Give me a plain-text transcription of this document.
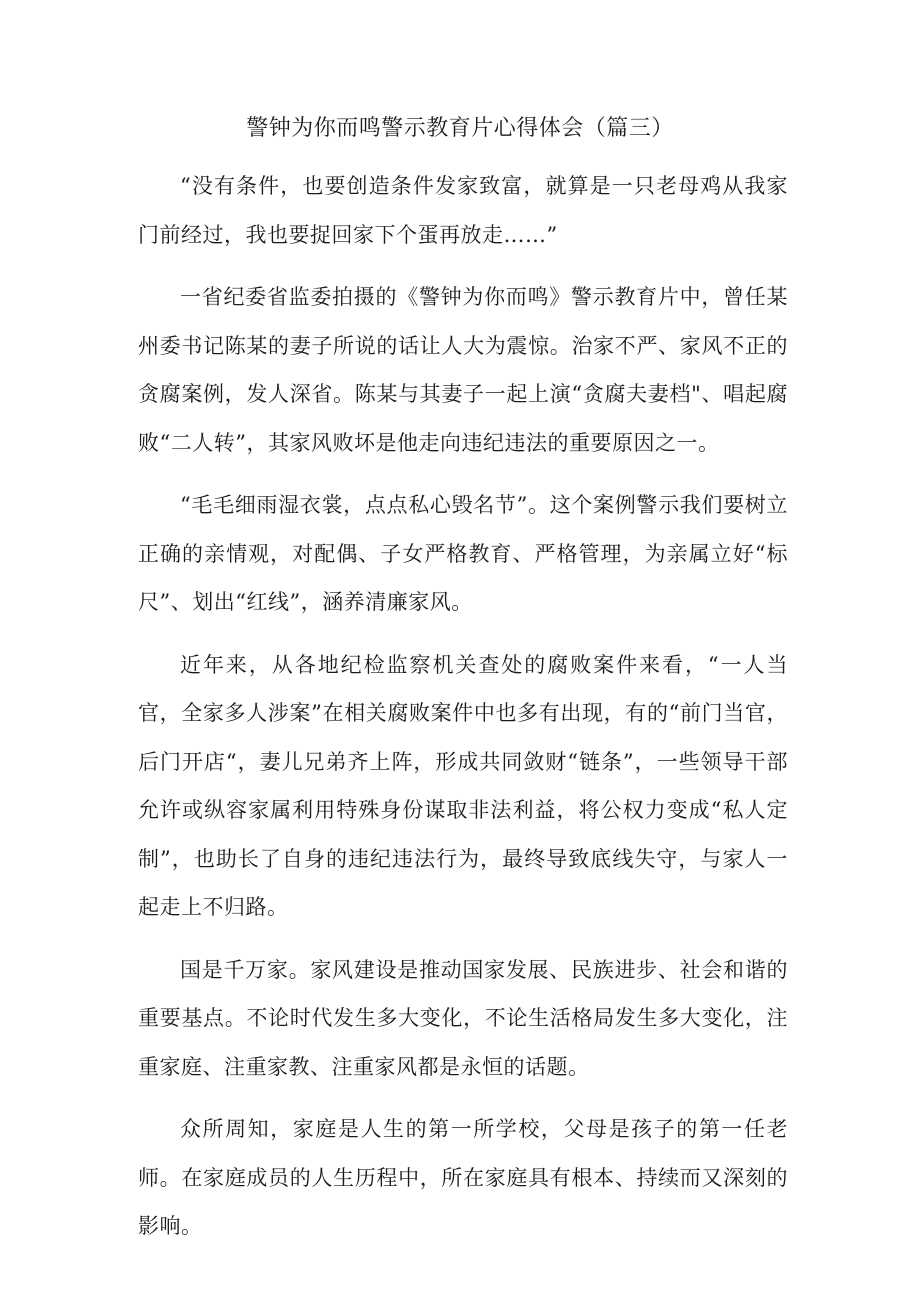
警钟为你而鸣警示教育片心得体会（篇三）

“没有条件，也要创造条件发家致富，就算是一只老母鸡从我家门前经过，我也要捉回家下个蛋再放走……”

一省纪委省监委拍摄的《警钟为你而鸣》警示教育片中，曾任某州委书记陈某的妻子所说的话让人大为震惊。治家不严、家风不正的贪腐案例，发人深省。陈某与其妻子一起上演“贪腐夫妻档"、唱起腐败“二人转”，其家风败坏是他走向违纪违法的重要原因之一。

“毛毛细雨湿衣裳，点点私心毁名节”。这个案例警示我们要树立正确的亲情观，对配偶、子女严格教育、严格管理，为亲属立好“标尺”、划出“红线”，涵养清廉家风。

近年来，从各地纪检监察机关查处的腐败案件来看，“一人当官，全家多人涉案”在相关腐败案件中也多有出现，有的“前门当官，后门开店“，妻儿兄弟齐上阵，形成共同敛财“链条”，一些领导干部允许或纵容家属利用特殊身份谋取非法利益，将公权力变成“私人定制”，也助长了自身的违纪违法行为，最终导致底线失守，与家人一起走上不归路。

国是千万家。家风建设是推动国家发展、民族进步、社会和谐的重要基点。不论时代发生多大变化，不论生活格局发生多大变化，注重家庭、注重家教、注重家风都是永恒的话题。

众所周知，家庭是人生的第一所学校，父母是孩子的第一任老师。在家庭成员的人生历程中，所在家庭具有根本、持续而又深刻的影响。
